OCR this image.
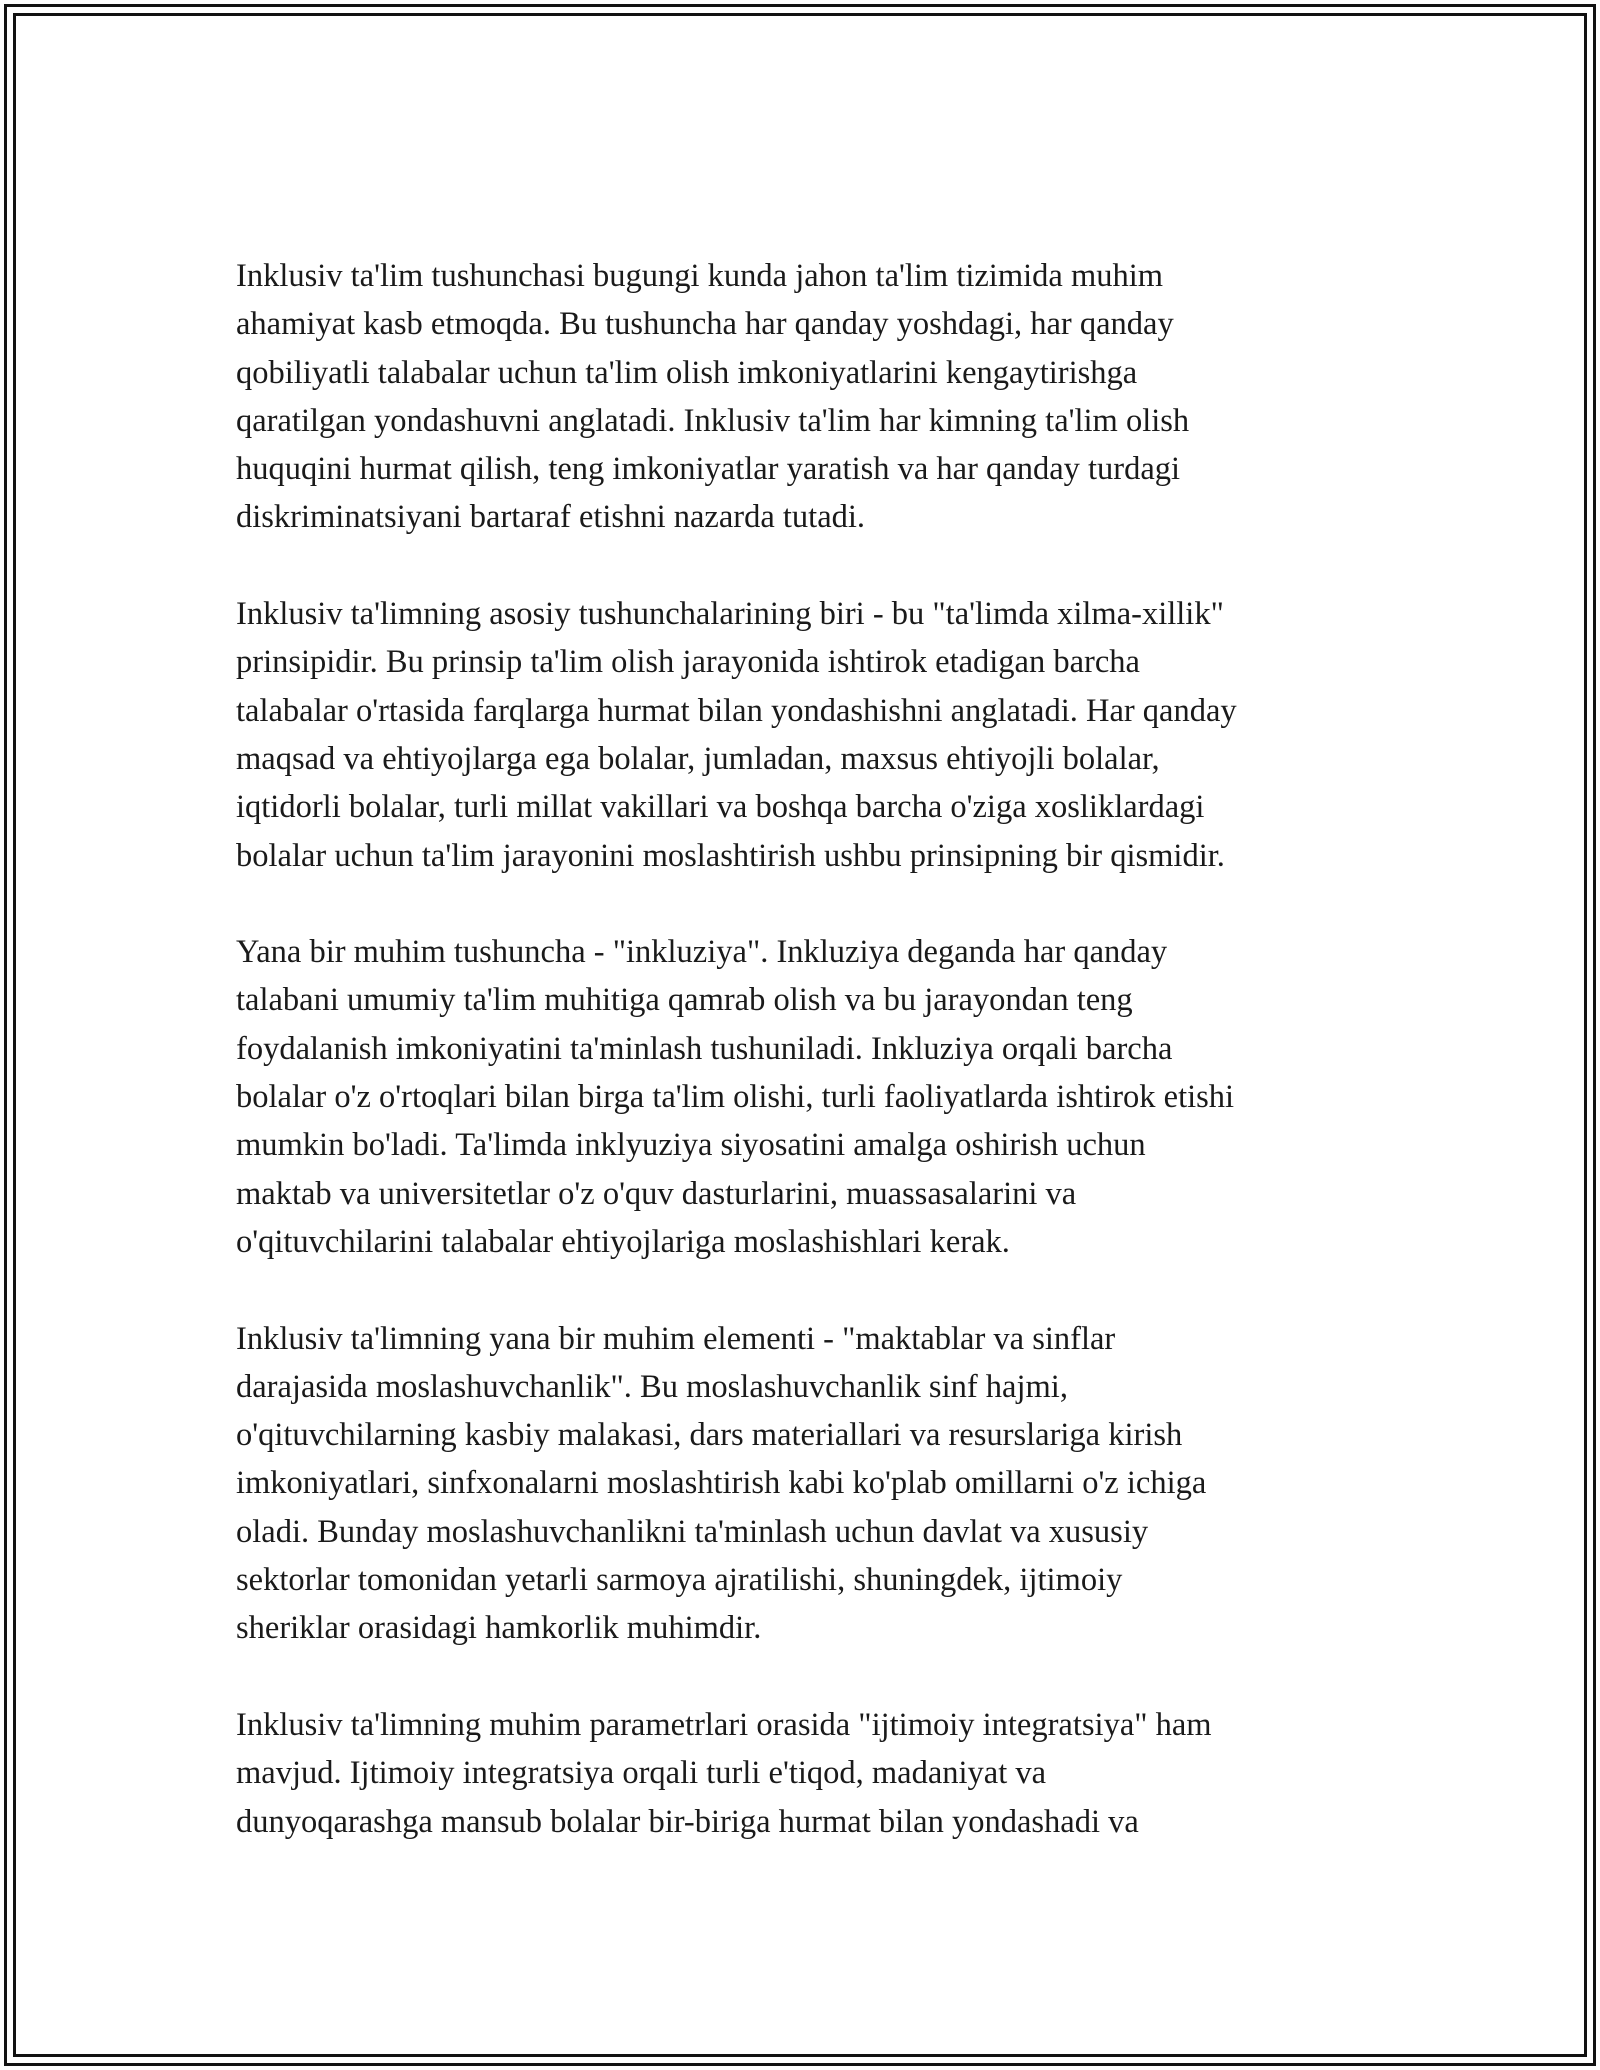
Inklusiv ta'lim tushunchasi bugungi kunda jahon ta'lim tizimida muhim
ahamiyat kasb etmoqda. Bu tushuncha har qanday yoshdagi, har qanday
qobiliyatli talabalar uchun ta'lim olish imkoniyatlarini kengaytirishga
qaratilgan yondashuvni anglatadi. Inklusiv ta'lim har kimning ta'lim olish
huquqini hurmat qilish, teng imkoniyatlar yaratish va har qanday turdagi
diskriminatsiyani bartaraf etishni nazarda tutadi.

Inklusiv ta'limning asosiy tushunchalarining biri - bu "ta'limda xilma-xillik"
prinsipidir. Bu prinsip ta'lim olish jarayonida ishtirok etadigan barcha
talabalar o'rtasida farqlarga hurmat bilan yondashishni anglatadi. Har qanday
maqsad va ehtiyojlarga ega bolalar, jumladan, maxsus ehtiyojli bolalar,
iqtidorli bolalar, turli millat vakillari va boshqa barcha o'ziga xosliklardagi
bolalar uchun ta'lim jarayonini moslashtirish ushbu prinsipning bir qismidir.

Yana bir muhim tushuncha - "inkluziya". Inkluziya deganda har qanday
talabani umumiy ta'lim muhitiga qamrab olish va bu jarayondan teng
foydalanish imkoniyatini ta'minlash tushuniladi. Inkluziya orqali barcha
bolalar o'z o'rtoqlari bilan birga ta'lim olishi, turli faoliyatlarda ishtirok etishi
mumkin bo'ladi. Ta'limda inklyuziya siyosatini amalga oshirish uchun
maktab va universitetlar o'z o'quv dasturlarini, muassasalarini va
o'qituvchilarini talabalar ehtiyojlariga moslashishlari kerak.

Inklusiv ta'limning yana bir muhim elementi - "maktablar va sinflar
darajasida moslashuvchanlik". Bu moslashuvchanlik sinf hajmi,
o'qituvchilarning kasbiy malakasi, dars materiallari va resurslariga kirish
imkoniyatlari, sinfxonalarni moslashtirish kabi ko'plab omillarni o'z ichiga
oladi. Bunday moslashuvchanlikni ta'minlash uchun davlat va xususiy
sektorlar tomonidan yetarli sarmoya ajratilishi, shuningdek, ijtimoiy
sheriklar orasidagi hamkorlik muhimdir.

Inklusiv ta'limning muhim parametrlari orasida "ijtimoiy integratsiya" ham
mavjud. Ijtimoiy integratsiya orqali turli e'tiqod, madaniyat va
dunyoqarashga mansub bolalar bir-biriga hurmat bilan yondashadi va
